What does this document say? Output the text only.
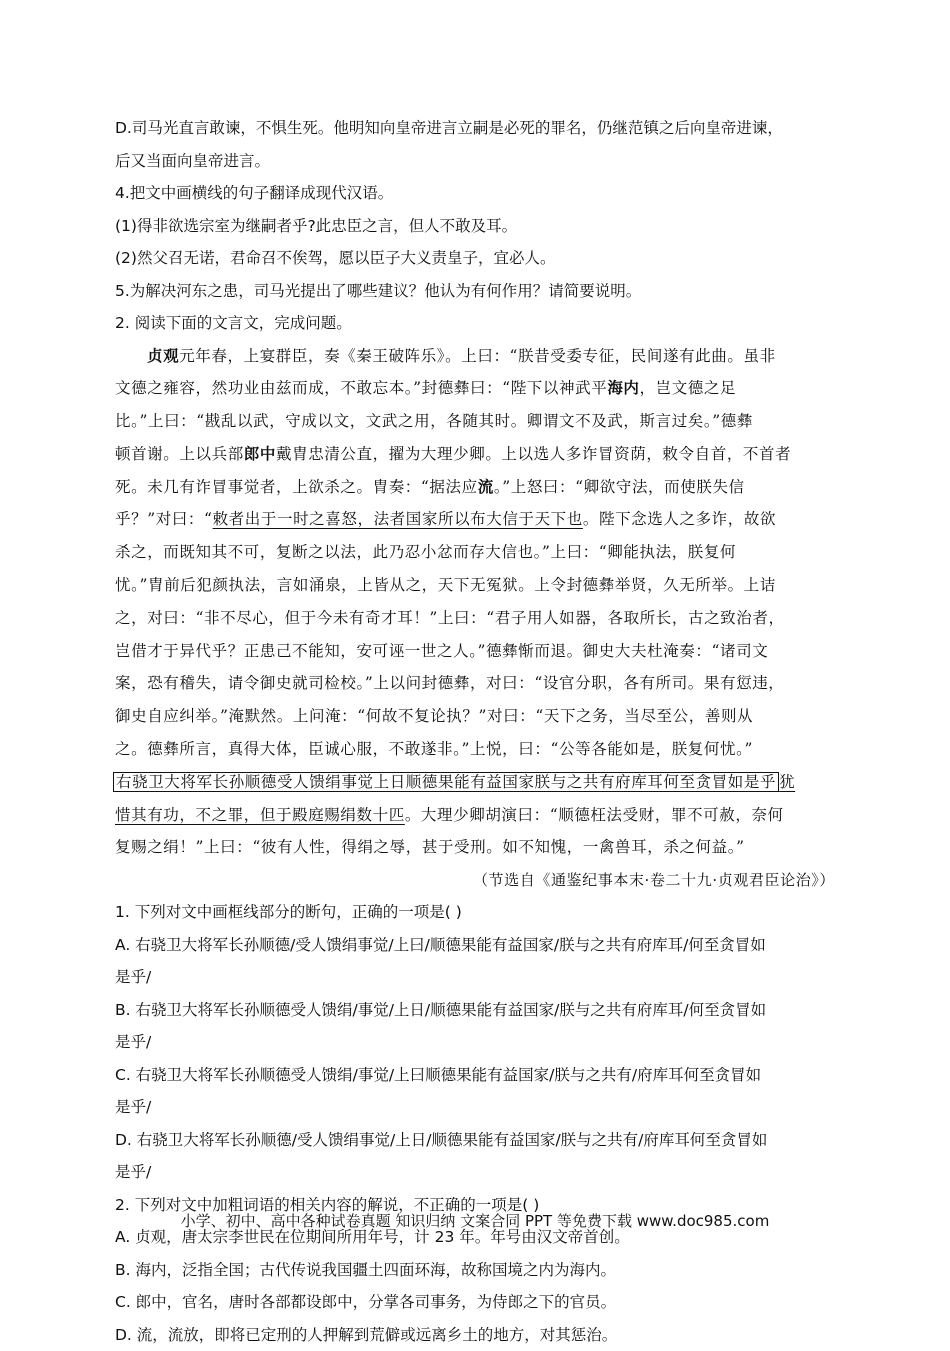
D.司马光直言敢谏，不惧生死。他明知向皇帝进言立嗣是必死的罪名，仍继范镇之后向皇帝进谏，
后又当面向皇帝进言。
4.把文中画横线的句子翻译成现代汉语。
(1)得非欲选宗室为继嗣者乎?此忠臣之言，但人不敢及耳。
(2)然父召无诺，君命召不俟驾，愿以臣子大义责皇子，宜必人。
5.为解决河东之患，司马光提出了哪些建议？他认为有何作用？请简要说明。
2. 阅读下面的文言文，完成问题。
贞观元年春，上宴群臣，奏《秦王破阵乐》。上曰：“朕昔受委专征，民间遂有此曲。虽非
文德之雍容，然功业由兹而成，不敢忘本。”封德彝曰：“陛下以神武平海内，岂文德之足
比。”上曰：“戡乱以武，守成以文，文武之用，各随其时。卿谓文不及武，斯言过矣。”德彝
顿首谢。上以兵部郎中戴胄忠清公直，擢为大理少卿。上以选人多诈冒资荫，敕令自首，不首者
死。未几有诈冒事觉者，上欲杀之。胄奏：“据法应流。”上怒曰：“卿欲守法，而使朕失信
乎？”对曰：“敕者出于一时之喜怒，法者国家所以布大信于天下也。陛下念选人之多诈，故欲
杀之，而既知其不可，复断之以法，此乃忍小忿而存大信也。”上曰：“卿能执法，朕复何
忧。”胄前后犯颜执法，言如涌泉，上皆从之，天下无冤狱。上令封德彝举贤，久无所举。上诘
之，对曰：“非不尽心，但于今未有奇才耳！”上曰：“君子用人如器，各取所长，古之致治者，
岂借才于异代乎？正患己不能知，安可诬一世之人。”德彝惭而退。御史大夫杜淹奏：“诸司文
案，恐有稽失，请令御史就司检校。”上以问封德彝，对曰：“设官分职，各有所司。果有愆违，
御史自应纠举。”淹默然。上问淹：“何故不复论执？”对曰：“天下之务，当尽至公，善则从
之。德彝所言，真得大体，臣诚心服，不敢遂非。”上悦，曰：“公等各能如是，朕复何忧。”
右骁卫大将军长孙顺德受人馈绢事觉上日顺德果能有益国家朕与之共有府库耳何至贪冒如是乎 犹
惜其有功，不之罪，但于殿庭赐绢数十匹。大理少卿胡演曰：“顺德枉法受财，罪不可赦，奈何
复赐之绢！”上曰：“彼有人性，得绢之辱，甚于受刑。如不知愧，一禽兽耳，杀之何益。”
（节选自《通鉴纪事本末·卷二十九·贞观君臣论治》）
1. 下列对文中画框线部分的断句，正确的一项是( )
A. 右骁卫大将军长孙顺德/受人馈绢事觉/上曰/顺德果能有益国家/朕与之共有府库耳/何至贪冒如
是乎/
B. 右骁卫大将军长孙顺德受人馈绢/事觉/上日/顺德果能有益国家/朕与之共有府库耳/何至贪冒如
是乎/
C. 右骁卫大将军长孙顺德受人馈绢/事觉/上曰顺德果能有益国家/朕与之共有/府库耳何至贪冒如
是乎/
D. 右骁卫大将军长孙顺德/受人馈绢事觉/上日/顺德果能有益国家/朕与之共有/府库耳何至贪冒如
是乎/
2. 下列对文中加粗词语的相关内容的解说，不正确的一项是( )
A. 贞观，唐太宗李世民在位期间所用年号，计 23 年。年号由汉文帝首创。
B. 海内，泛指全国；古代传说我国疆土四面环海，故称国境之内为海内。
C. 郎中，官名，唐时各部都设郎中，分掌各司事务，为侍郎之下的官员。
D. 流，流放，即将已定刑的人押解到荒僻或远离乡土的地方，对其惩治。
小学、初中、高中各种试卷真题 知识归纳 文案合同 PPT 等免费下载 www.doc985.com
